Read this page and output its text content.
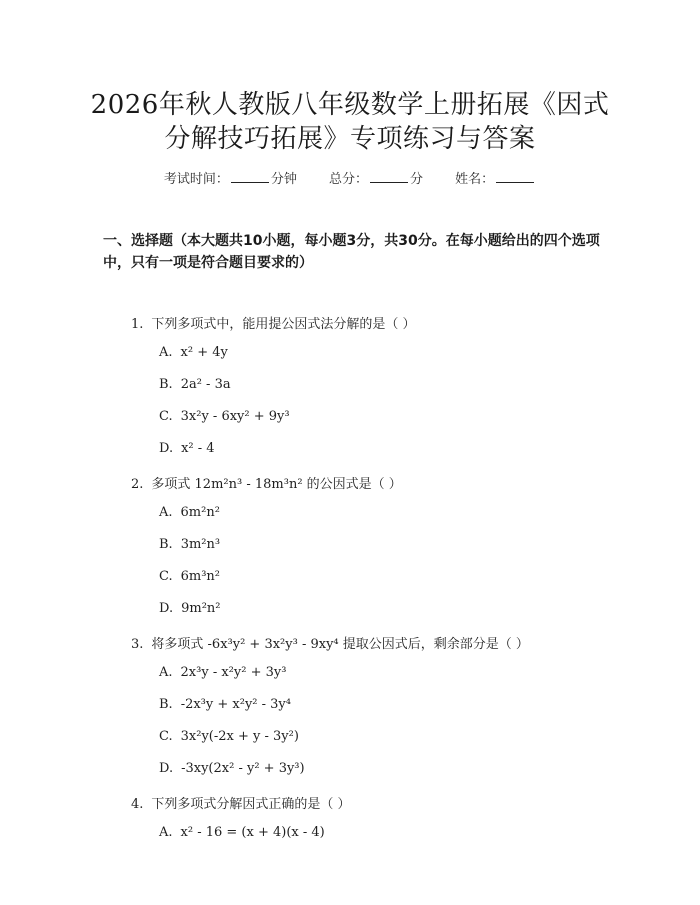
2026年秋人教版八年级数学上册拓展《因式
分解技巧拓展》专项练习与答案
考试时间：	分钟 总分：	分 姓名：
一、选择题（本大题共10小题，每小题3分，共30分。在每小题给出的四个选项中，只有一项是符合题目要求的）
1. 下列多项式中，能用提公因式法分解的是（ ）
A. x² + 4y
B. 2a² - 3a
C. 3x²y - 6xy² + 9y³
D. x² - 4
2. 多项式 12m²n³ - 18m³n² 的公因式是（ ）
A. 6m²n²
B. 3m²n³
C. 6m³n²
D. 9m²n²
3. 将多项式 -6x³y² + 3x²y³ - 9xy⁴ 提取公因式后，剩余部分是（ ）
A. 2x³y - x²y² + 3y³
B. -2x³y + x²y² - 3y⁴
C. 3x²y(-2x + y - 3y²)
D. -3xy(2x² - y² + 3y³)
4. 下列多项式分解因式正确的是（ ）
A. x² - 16 = (x + 4)(x - 4)
